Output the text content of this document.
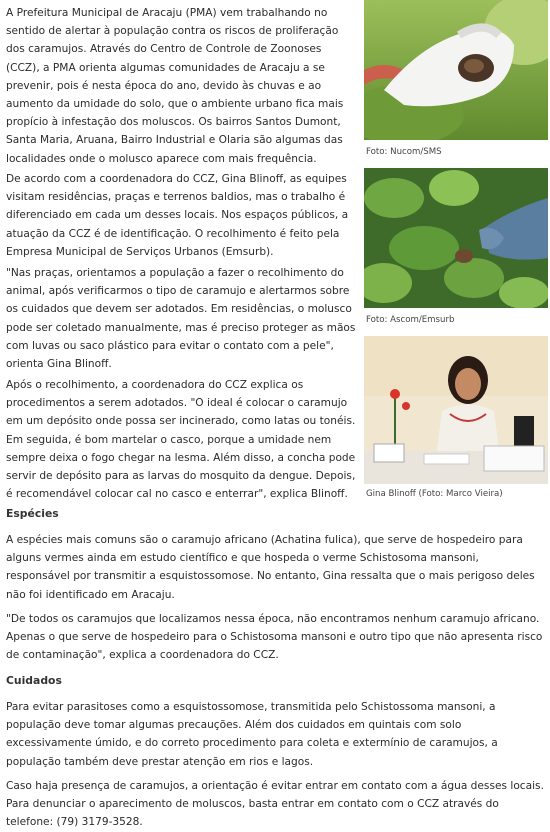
A Prefeitura Municipal de Aracaju (PMA) vem trabalhando no sentido de alertar à população contra os riscos de proliferação dos caramujos. Através do Centro de Controle de Zoonoses (CCZ), a PMA orienta algumas comunidades de Aracaju a se prevenir, pois é nesta época do ano, devido às chuvas e ao aumento da umidade do solo, que o ambiente urbano fica mais propício à infestação dos moluscos. Os bairros Santos Dumont, Santa Maria, Aruana, Bairro Industrial e Olaria são algumas das localidades onde o molusco aparece com mais frequência.

De acordo com a coordenadora do CCZ, Gina Blinoff, as equipes visitam residências, praças e terrenos baldios, mas o trabalho é diferenciado em cada um desses locais. Nos espaços públicos, a atuação da CCZ é de identificação. O recolhimento é feito pela Empresa Municipal de Serviços Urbanos (Emsurb).

"Nas praças, orientamos a população a fazer o recolhimento do animal, após verificarmos o tipo de caramujo e alertarmos sobre os cuidados que devem ser adotados. Em residências, o molusco pode ser coletado manualmente, mas é preciso proteger as mãos com luvas ou saco plástico para evitar o contato com a pele", orienta Gina Blinoff.

Após o recolhimento, a coordenadora do CCZ explica os procedimentos a serem adotados. "O ideal é colocar o caramujo em um depósito onde possa ser incinerado, como latas ou tonéis. Em seguida, é bom martelar o casco, porque a umidade nem sempre deixa o fogo chegar na lesma. Além disso, a concha pode servir de depósito para as larvas do mosquito da dengue. Depois, é recomendável colocar cal no casco e enterrar", explica Blinoff.

Foto: Nucom/SMS
Foto: Ascom/Emsurb
Gina Blinoff (Foto: Marco Vieira)
Espécies

A espécies mais comuns são o caramujo africano (Achatina fulica), que serve de hospedeiro para alguns vermes ainda em estudo científico e que hospeda o verme Schistosoma mansoni, responsável por transmitir a esquistossomose. No entanto, Gina ressalta que o mais perigoso deles não foi identificado em Aracaju.

"De todos os caramujos que localizamos nessa época, não encontramos nenhum caramujo africano. Apenas o que serve de hospedeiro para o Schistosoma mansoni e outro tipo que não apresenta risco de contaminação", explica a coordenadora do CCZ.

Cuidados

Para evitar parasitoses como a esquistossomose, transmitida pelo Schistossoma mansoni, a população deve tomar algumas precauções. Além dos cuidados em quintais com solo excessivamente úmido, e do correto procedimento para coleta e extermínio de caramujos, a população também deve prestar atenção em rios e lagos.

Caso haja presença de caramujos, a orientação é evitar entrar em contato com a água desses locais. Para denunciar o aparecimento de moluscos, basta entrar em contato com o CCZ através do telefone: (79) 3179-3528.
